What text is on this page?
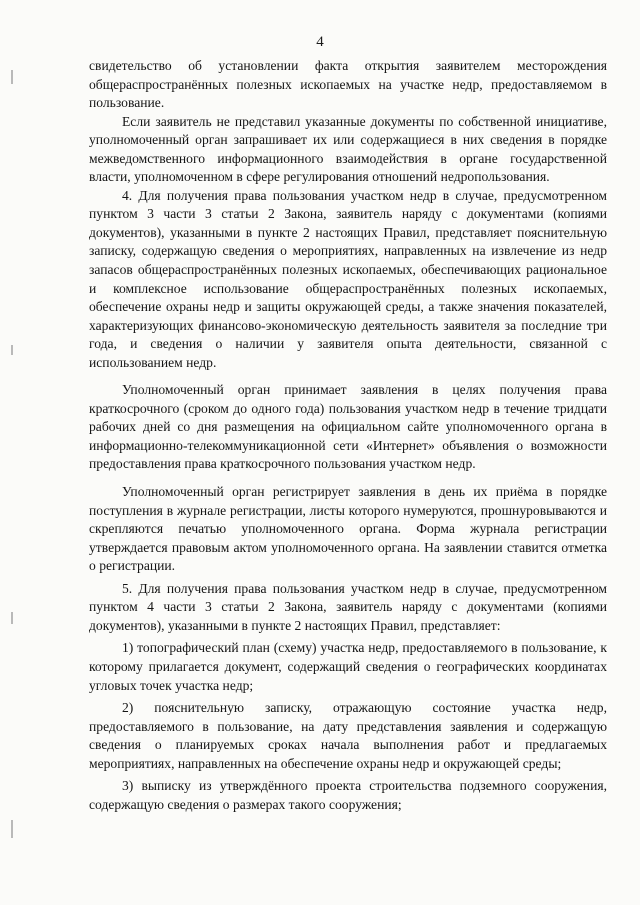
4

свидетельство об установлении факта открытия заявителем месторождения общераспространённых полезных ископаемых на участке недр, предоставляемом в пользование.

Если заявитель не представил указанные документы по собственной инициативе, уполномоченный орган запрашивает их или содержащиеся в них сведения в порядке межведомственного информационного взаимодействия в органе государственной власти, уполномоченном в сфере регулирования отношений недропользования.

4. Для получения права пользования участком недр в случае, предусмотренном пунктом 3 части 3 статьи 2 Закона, заявитель наряду с документами (копиями документов), указанными в пункте 2 настоящих Правил, представляет пояснительную записку, содержащую сведения о мероприятиях, направленных на извлечение из недр запасов общераспространённых полезных ископаемых, обеспечивающих рациональное и комплексное использование общераспространённых полезных ископаемых, обеспечение охраны недр и защиты окружающей среды, а также значения показателей, характеризующих финансово-экономическую деятельность заявителя за последние три года, и сведения о наличии у заявителя опыта деятельности, связанной с использованием недр.

Уполномоченный орган принимает заявления в целях получения права краткосрочного (сроком до одного года) пользования участком недр в течение тридцати рабочих дней со дня размещения на официальном сайте уполномоченного органа в информационно-телекоммуникационной сети «Интернет» объявления о возможности предоставления права краткосрочного пользования участком недр.

Уполномоченный орган регистрирует заявления в день их приёма в порядке поступления в журнале регистрации, листы которого нумеруются, прошнуровываются и скрепляются печатью уполномоченного органа. Форма журнала регистрации утверждается правовым актом уполномоченного органа. На заявлении ставится отметка о регистрации.

5. Для получения права пользования участком недр в случае, предусмотренном пунктом 4 части 3 статьи 2 Закона, заявитель наряду с документами (копиями документов), указанными в пункте 2 настоящих Правил, представляет:

1) топографический план (схему) участка недр, предоставляемого в пользование, к которому прилагается документ, содержащий сведения о географических координатах угловых точек участка недр;

2) пояснительную записку, отражающую состояние участка недр, предоставляемого в пользование, на дату представления заявления и содержащую сведения о планируемых сроках начала выполнения работ и предлагаемых мероприятиях, направленных на обеспечение охраны недр и окружающей среды;

3) выписку из утверждённого проекта строительства подземного сооружения, содержащую сведения о размерах такого сооружения;
